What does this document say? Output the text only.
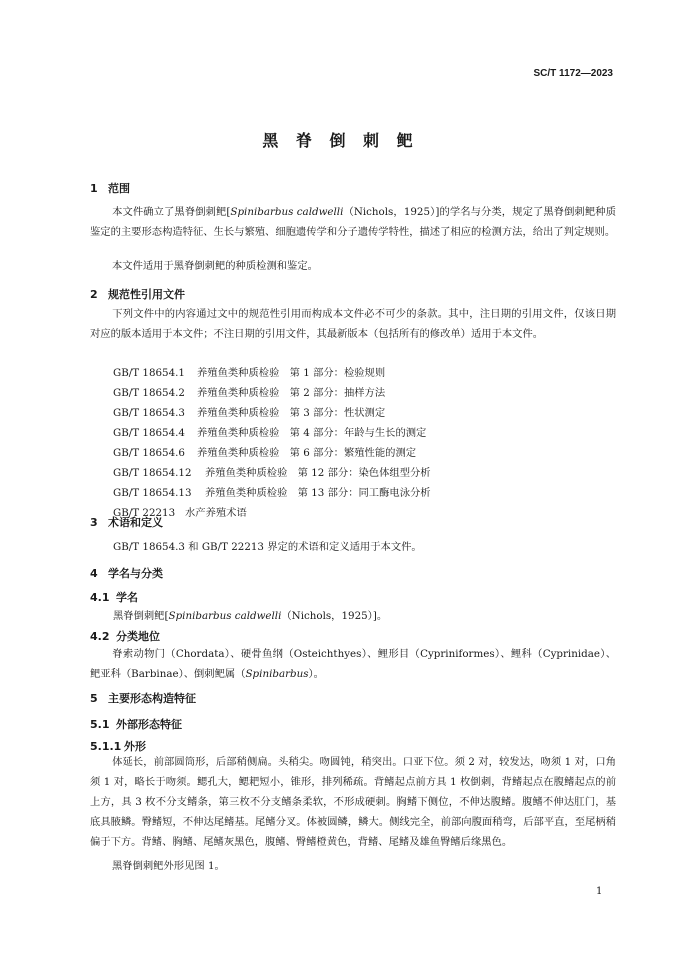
SC/T 1172—2023
黑 脊 倒 刺 鲃
1 范围
本文件确立了黑脊倒刺鲃[Spinibarbus caldwelli（Nichols，1925）]的学名与分类，规定了黑脊倒刺鲃种质鉴定的主要形态构造特征、生长与繁殖、细胞遗传学和分子遗传学特性，描述了相应的检测方法，给出了判定规则。
本文件适用于黑脊倒刺鲃的种质检测和鉴定。
2 规范性引用文件
下列文件中的内容通过文中的规范性引用而构成本文件必不可少的条款。其中，注日期的引用文件，仅该日期对应的版本适用于本文件；不注日期的引用文件，其最新版本（包括所有的修改单）适用于本文件。
GB/T 18654.1 养殖鱼类种质检验　第 1 部分：检验规则
GB/T 18654.2 养殖鱼类种质检验　第 2 部分：抽样方法
GB/T 18654.3 养殖鱼类种质检验　第 3 部分：性状测定
GB/T 18654.4 养殖鱼类种质检验　第 4 部分：年龄与生长的测定
GB/T 18654.6 养殖鱼类种质检验　第 6 部分：繁殖性能的测定
GB/T 18654.12 养殖鱼类种质检验　第 12 部分：染色体组型分析
GB/T 18654.13 养殖鱼类种质检验　第 13 部分：同工酶电泳分析
GB/T 22213 水产养殖术语
3 术语和定义
GB/T 18654.3 和 GB/T 22213 界定的术语和定义适用于本文件。
4 学名与分类
4.1 学名
黑脊倒刺鲃[Spinibarbus caldwelli（Nichols，1925）]。
4.2 分类地位
脊索动物门（Chordata）、硬骨鱼纲（Osteichthyes）、鲤形目（Cypriniformes）、鲤科（Cyprinidae）、鲃亚科（Barbinae）、倒刺鲃属（Spinibarbus）。
5 主要形态构造特征
5.1 外部形态特征
5.1.1 外形
体延长，前部圆筒形，后部稍侧扁。头稍尖。吻圆钝，稍突出。口亚下位。须 2 对，较发达，吻须 1 对，口角须 1 对，略长于吻须。鳃孔大，鳃耙短小，锥形，排列稀疏。背鳍起点前方具 1 枚倒刺，背鳍起点在腹鳍起点的前上方，具 3 枚不分支鳍条，第三枚不分支鳍条柔软，不形成硬刺。胸鳍下侧位，不伸达腹鳍。腹鳍不伸达肛门，基底具腋鳞。臀鳍短，不伸达尾鳍基。尾鳍分叉。体被圆鳞，鳞大。侧线完全，前部向腹面稍弯，后部平直，至尾柄稍偏于下方。背鳍、胸鳍、尾鳍灰黑色，腹鳍、臀鳍橙黄色，背鳍、尾鳍及雄鱼臀鳍后缘黑色。
黑脊倒刺鲃外形见图 1。
1
